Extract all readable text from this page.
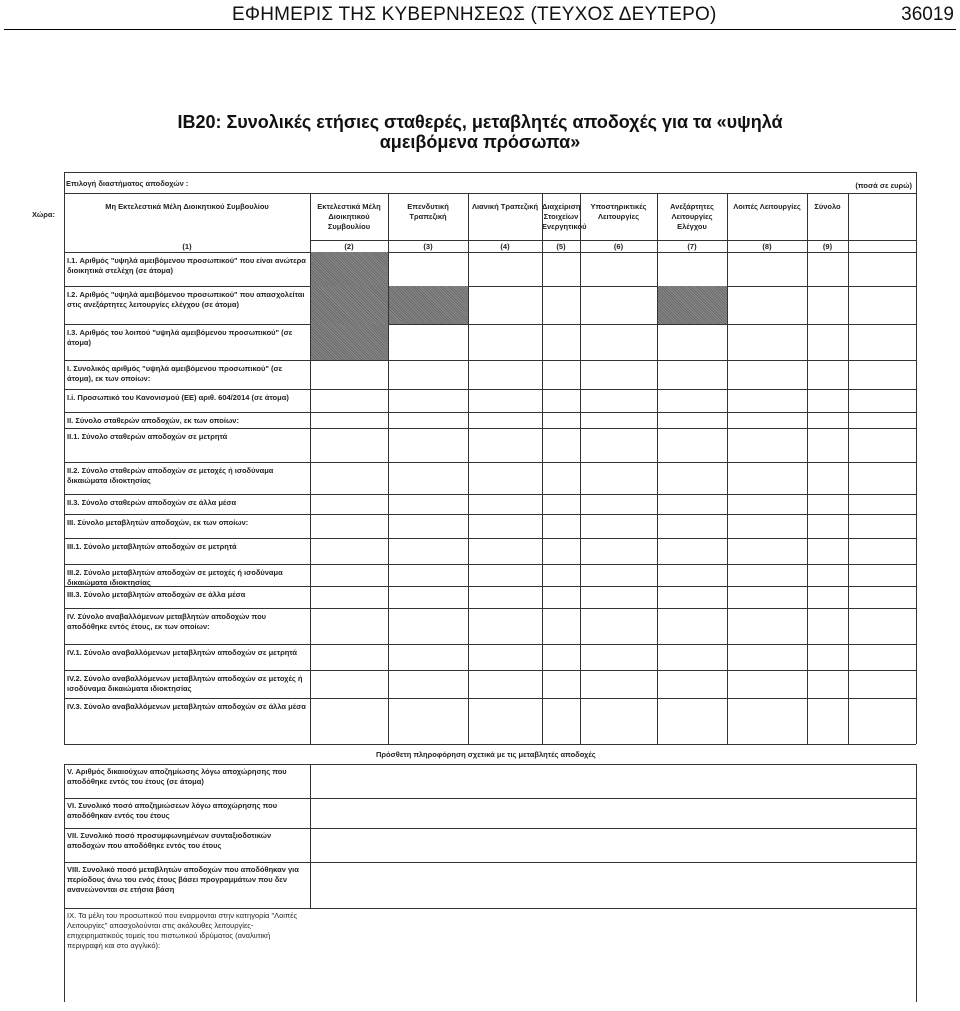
ΕΦΗΜΕΡΙΣ ΤΗΣ ΚΥΒΕΡΝΗΣΕΩΣ (ΤΕΥΧΟΣ ΔΕΥΤΕΡΟ)	36019
IB20: Συνολικές ετήσιες σταθερές, μεταβλητές αποδοχές για τα «υψηλά
αμειβόμενα πρόσωπα»
Επιλογή διαστήματος αποδοχών :	(ποσά σε ευρώ)
Χώρα:
Μη Εκτελεστικά Μέλη Διοικητικού Συμβουλίου
(1)
Εκτελεστικά Μέλη Διοικητικού Συμβουλίου
(2)
Επενδυτική Τραπεζική
(3)
Λιανική Τραπεζική
(4)
Διαχείριση Στοιχείων Ενεργητικού
(5)
Υποστηρικτικές Λειτουργίες
(6)
Ανεξάρτητες Λειτουργίες Ελέγχου
(7)
Λοιπές Λειτουργίες
(8)
Σύνολο
(9)
I.1. Αριθμός "υψηλά αμειβόμενου προσωπικού" που είναι ανώτερα διοικητικά στελέχη (σε άτομα)
I.2. Αριθμός "υψηλά αμειβόμενου προσωπικού" που απασχολείται στις ανεξάρτητες λειτουργίες ελέγχου (σε άτομα)
I.3. Αριθμός του λοιπού "υψηλά αμειβόμενου προσωπικού" (σε άτομα)
I. Συνολικός αριθμός "υψηλά αμειβόμενου προσωπικού" (σε άτομα), εκ των οποίων:
I.i. Προσωπικό του Κανονισμού (ΕΕ) αριθ. 604/2014 (σε άτομα)
II. Σύνολο σταθερών αποδοχών, εκ των οποίων:
II.1. Σύνολο σταθερών αποδοχών σε μετρητά
II.2. Σύνολο σταθερών αποδοχών σε μετοχές ή ισοδύναμα δικαιώματα ιδιοκτησίας
II.3. Σύνολο σταθερών αποδοχών σε άλλα μέσα
III. Σύνολο μεταβλητών αποδοχών, εκ των οποίων:
III.1. Σύνολο μεταβλητών αποδοχών σε μετρητά
III.2. Σύνολο μεταβλητών αποδοχών σε μετοχές ή ισοδύναμα δικαιώματα ιδιοκτησίας
III.3. Σύνολο μεταβλητών αποδοχών σε άλλα μέσα
IV. Σύνολο αναβαλλόμενων μεταβλητών αποδοχών που αποδόθηκε εντός έτους, εκ των οποίων:
IV.1. Σύνολο αναβαλλόμενων μεταβλητών αποδοχών σε μετρητά
IV.2. Σύνολο αναβαλλόμενων μεταβλητών αποδοχών σε μετοχές ή ισοδύναμα δικαιώματα ιδιοκτησίας
IV.3. Σύνολο αναβαλλόμενων μεταβλητών αποδοχών σε άλλα μέσα
Πρόσθετη πληροφόρηση σχετικά με τις μεταβλητές αποδοχές
V. Αριθμός δικαιούχων αποζημίωσης λόγω αποχώρησης που αποδόθηκε εντός του έτους (σε άτομα)
VI. Συνολικό ποσό αποζημιώσεων λόγω αποχώρησης που αποδόθηκαν εντός του έτους
VII. Συνολικό ποσό προσυμφωνημένων συνταξιοδοτικών αποδοχών που αποδόθηκε εντός του έτους
VIII. Συνολικό ποσό μεταβλητών αποδοχών που αποδόθηκαν για περίοδους άνω του ενός έτους βάσει προγραμμάτων που δεν ανανεώνονται σε ετήσια βάση
IX. Τα μέλη του προσωπικού που εναρμονται στην κατηγορία "Λοιπές Λειτουργίες" απασχολούνται στις ακόλουθες λειτουργίες-επιχειρηματικούς τομείς του πιστωτικού ιδρύματος (αναλυτική περιγραφή και στο αγγλικό):
